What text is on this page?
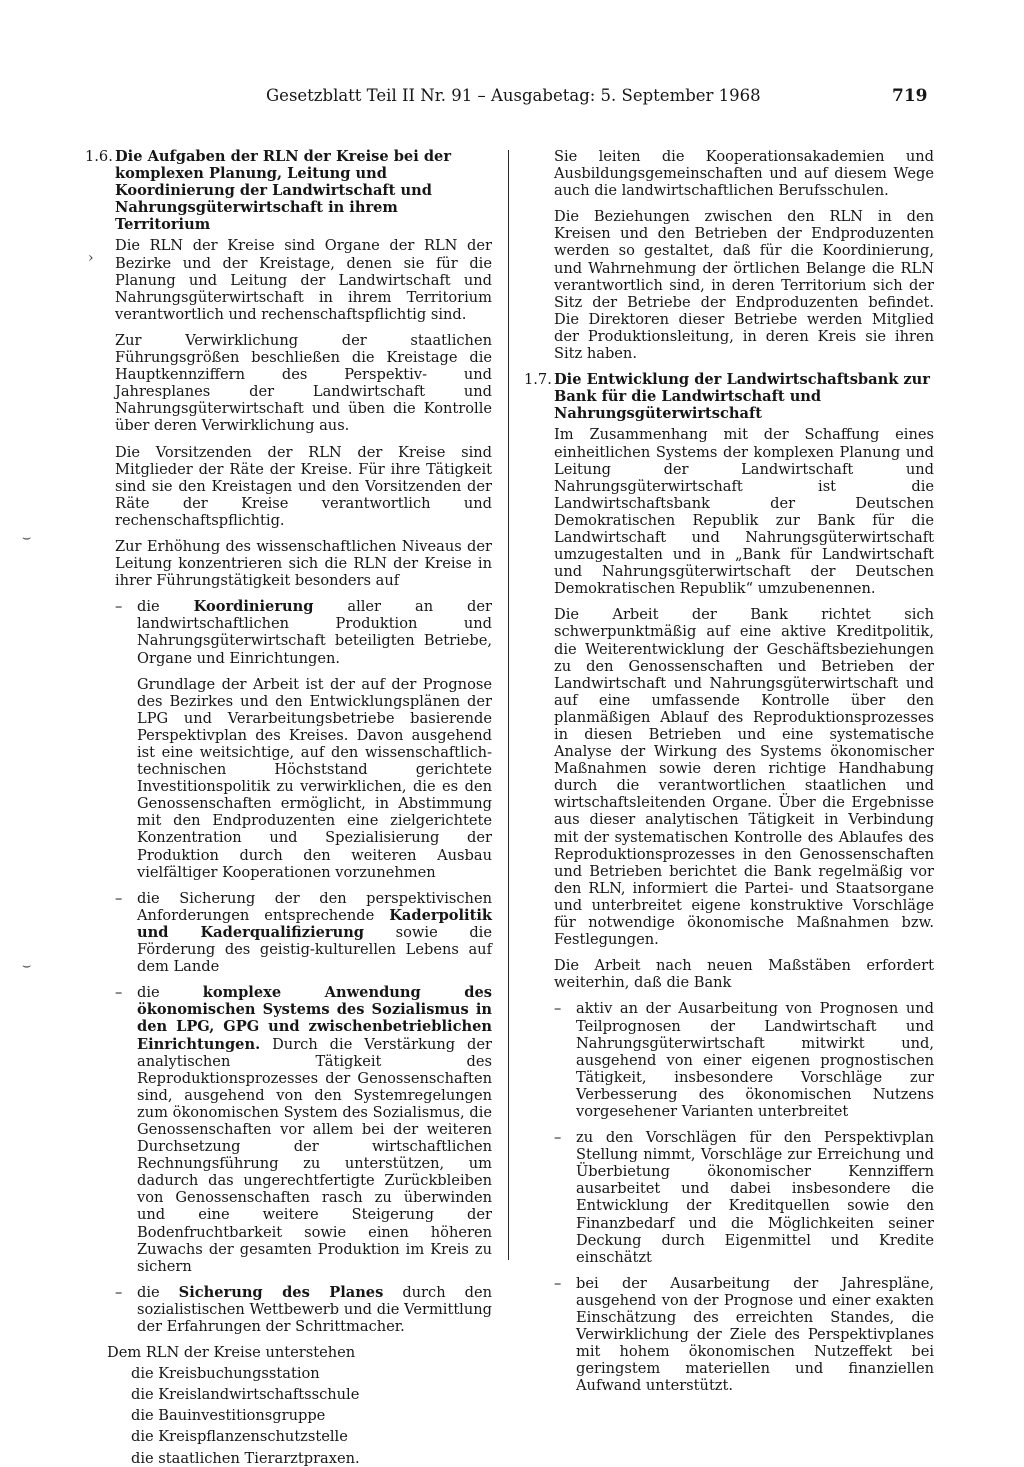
Gesetzblatt Teil II Nr. 91 – Ausgabetag: 5. September 1968	719
›
⌣
⌣
1.6. Die Aufgaben der RLN der Kreise bei der komplexen Planung, Leitung und Koordinierung der Landwirtschaft und Nahrungsgüterwirtschaft in ihrem Territorium

Die RLN der Kreise sind Organe der RLN der Bezirke und der Kreistage, denen sie für die Planung und Leitung der Landwirtschaft und Nahrungsgüterwirtschaft in ihrem Territorium verantwortlich und rechenschaftspflichtig sind.

Zur Verwirklichung der staatlichen Führungsgrößen beschließen die Kreistage die Hauptkennziffern des Perspektiv- und Jahresplanes der Landwirtschaft und Nahrungsgüterwirtschaft und üben die Kontrolle über deren Verwirklichung aus.

Die Vorsitzenden der RLN der Kreise sind Mitglieder der Räte der Kreise. Für ihre Tätigkeit sind sie den Kreistagen und den Vorsitzenden der Räte der Kreise verantwortlich und rechenschaftspflichtig.

Zur Erhöhung des wissenschaftlichen Niveaus der Leitung konzentrieren sich die RLN der Kreise in ihrer Führungstätigkeit besonders auf

–	die Koordinierung aller an der landwirtschaftlichen Produktion und Nahrungsgüterwirtschaft beteiligten Betriebe, Organe und Einrichtungen.

Grundlage der Arbeit ist der auf der Prognose des Bezirkes und den Entwicklungsplänen der LPG und Verarbeitungsbetriebe basierende Perspektivplan des Kreises. Davon ausgehend ist eine weitsichtige, auf den wissenschaftlich-technischen Höchststand gerichtete Investitionspolitik zu verwirklichen, die es den Genossenschaften ermöglicht, in Abstimmung mit den Endproduzenten eine zielgerichtete Konzentration und Spezialisierung der Produktion durch den weiteren Ausbau vielfältiger Kooperationen vorzunehmen

–	die Sicherung der den perspektivischen Anforderungen entsprechende Kaderpolitik und Kaderqualifizierung sowie die Förderung des geistig-kulturellen Lebens auf dem Lande
–	die komplexe Anwendung des ökonomischen Systems des Sozialismus in den LPG, GPG und zwischenbetrieblichen Einrichtungen. Durch die Verstärkung der analytischen Tätigkeit des Reproduktionsprozesses der Genossenschaften sind, ausgehend von den Systemregelungen zum ökonomischen System des Sozialismus, die Genossenschaften vor allem bei der weiteren Durchsetzung der wirtschaftlichen Rechnungsführung zu unterstützen, um dadurch das ungerechtfertigte Zurückbleiben von Genossenschaften rasch zu überwinden und eine weitere Steigerung der Bodenfruchtbarkeit sowie einen höheren Zuwachs der gesamten Produktion im Kreis zu sichern
–	die Sicherung des Planes durch den sozialistischen Wettbewerb und die Vermittlung der Erfahrungen der Schrittmacher.

Dem RLN der Kreise unterstehen

die Kreisbuchungsstation
die Kreislandwirtschaftsschule
die Bauinvestitionsgruppe
die Kreispflanzenschutzstelle
die staatlichen Tierarztpraxen.

Sie leiten die Kooperationsakademien und Ausbildungsgemeinschaften und auf diesem Wege auch die landwirtschaftlichen Berufsschulen.

Die Beziehungen zwischen den RLN in den Kreisen und den Betrieben der Endproduzenten werden so gestaltet, daß für die Koordinierung, und Wahrnehmung der örtlichen Belange die RLN verantwortlich sind, in deren Territorium sich der Sitz der Betriebe der Endproduzenten befindet. Die Direktoren dieser Betriebe werden Mitglied der Produktionsleitung, in deren Kreis sie ihren Sitz haben.

1.7. Die Entwicklung der Landwirtschaftsbank zur Bank für die Landwirtschaft und Nahrungsgüterwirtschaft

Im Zusammenhang mit der Schaffung eines einheitlichen Systems der komplexen Planung und Leitung der Landwirtschaft und Nahrungsgüterwirtschaft ist die Landwirtschaftsbank der Deutschen Demokratischen Republik zur Bank für die Landwirtschaft und Nahrungsgüterwirtschaft umzugestalten und in „Bank für Landwirtschaft und Nahrungsgüterwirtschaft der Deutschen Demokratischen Republik“ umzubenennen.

Die Arbeit der Bank richtet sich schwerpunktmäßig auf eine aktive Kreditpolitik, die Weiterentwicklung der Geschäftsbeziehungen zu den Genossenschaften und Betrieben der Landwirtschaft und Nahrungsgüterwirtschaft und auf eine umfassende Kontrolle über den planmäßigen Ablauf des Reproduktionsprozesses in diesen Betrieben und eine systematische Analyse der Wirkung des Systems ökonomischer Maßnahmen sowie deren richtige Handhabung durch die verantwortlichen staatlichen und wirtschaftsleitenden Organe. Über die Ergebnisse aus dieser analytischen Tätigkeit in Verbindung mit der systematischen Kontrolle des Ablaufes des Reproduktionsprozesses in den Genossenschaften und Betrieben berichtet die Bank regelmäßig vor den RLN, informiert die Partei- und Staatsorgane und unterbreitet eigene konstruktive Vorschläge für notwendige ökonomische Maßnahmen bzw. Festlegungen.

Die Arbeit nach neuen Maßstäben erfordert weiterhin, daß die Bank

–	aktiv an der Ausarbeitung von Prognosen und Teilprognosen der Landwirtschaft und Nahrungsgüterwirtschaft mitwirkt und, ausgehend von einer eigenen prognostischen Tätigkeit, insbesondere Vorschläge zur Verbesserung des ökonomischen Nutzens vorgesehener Varianten unterbreitet
–	zu den Vorschlägen für den Perspektivplan Stellung nimmt, Vorschläge zur Erreichung und Überbietung ökonomischer Kennziffern ausarbeitet und dabei insbesondere die Entwicklung der Kreditquellen sowie den Finanzbedarf und die Möglichkeiten seiner Deckung durch Eigenmittel und Kredite einschätzt
–	bei der Ausarbeitung der Jahrespläne, ausgehend von der Prognose und einer exakten Einschätzung des erreichten Standes, die Verwirklichung der Ziele des Perspektivplanes mit hohem ökonomischen Nutzeffekt bei geringstem materiellen und finanziellen Aufwand unterstützt.
